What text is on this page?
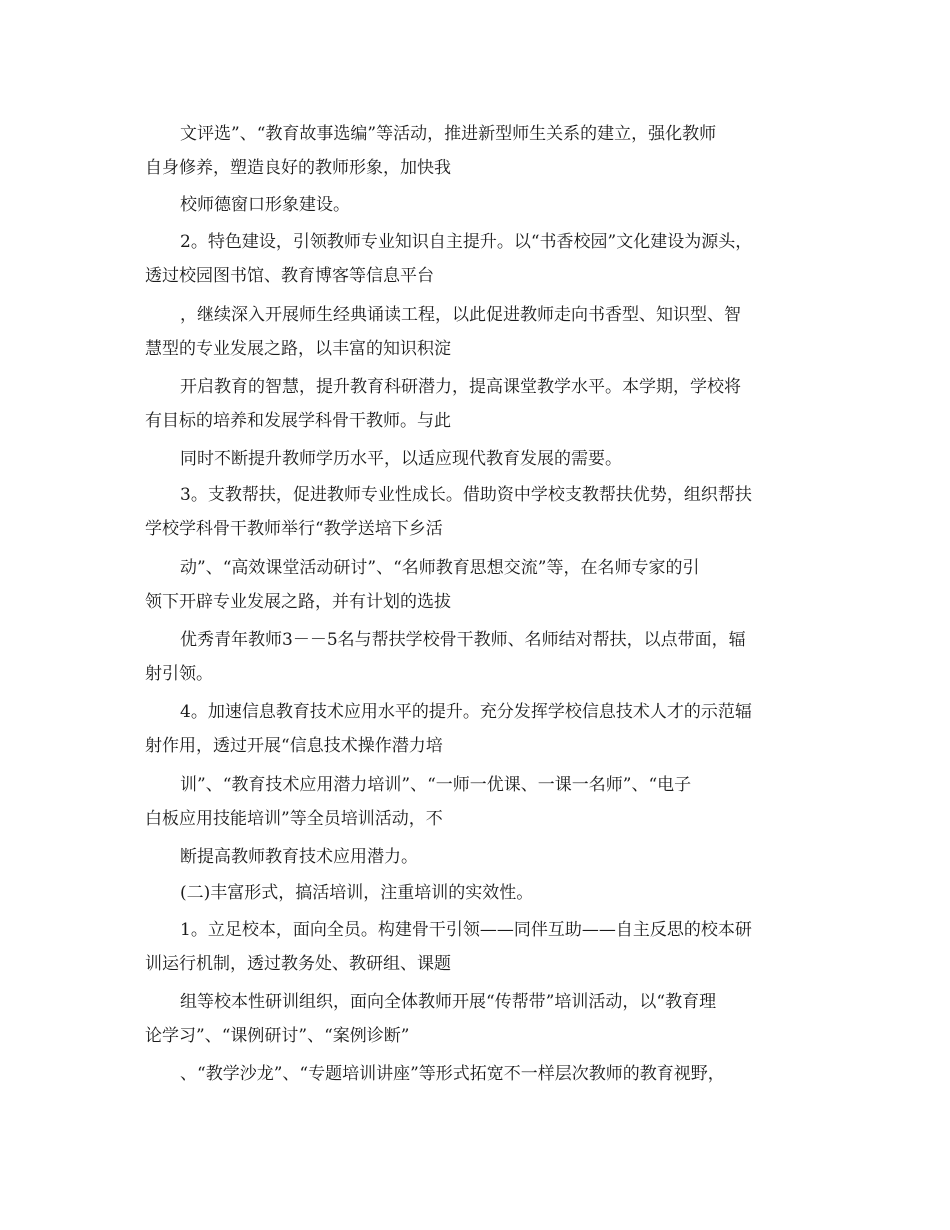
文评选”、“教育故事选编”等活动，推进新型师生关系的建立，强化教师
自身修养，塑造良好的教师形象，加快我
校师德窗口形象建设。
2。特色建设，引领教师专业知识自主提升。以“书香校园”文化建设为源头，
透过校园图书馆、教育博客等信息平台
，继续深入开展师生经典诵读工程，以此促进教师走向书香型、知识型、智
慧型的专业发展之路，以丰富的知识积淀
开启教育的智慧，提升教育科研潜力，提高课堂教学水平。本学期，学校将
有目标的培养和发展学科骨干教师。与此
同时不断提升教师学历水平，以适应现代教育发展的需要。
3。支教帮扶，促进教师专业性成长。借助资中学校支教帮扶优势，组织帮扶
学校学科骨干教师举行“教学送培下乡活
动”、“高效课堂活动研讨”、“名师教育思想交流”等，在名师专家的引
领下开辟专业发展之路，并有计划的选拔
优秀青年教师3－－5名与帮扶学校骨干教师、名师结对帮扶，以点带面，辐
射引领。
4。加速信息教育技术应用水平的提升。充分发挥学校信息技术人才的示范辐
射作用，透过开展“信息技术操作潜力培
训”、“教育技术应用潜力培训”、“一师一优课、一课一名师”、“电子
白板应用技能培训”等全员培训活动，不
断提高教师教育技术应用潜力。
(二)丰富形式，搞活培训，注重培训的实效性。
1。立足校本，面向全员。构建骨干引领——同伴互助——自主反思的校本研
训运行机制，透过教务处、教研组、课题
组等校本性研训组织，面向全体教师开展“传帮带”培训活动，以“教育理
论学习”、“课例研讨”、“案例诊断”
、“教学沙龙”、“专题培训讲座”等形式拓宽不一样层次教师的教育视野，
